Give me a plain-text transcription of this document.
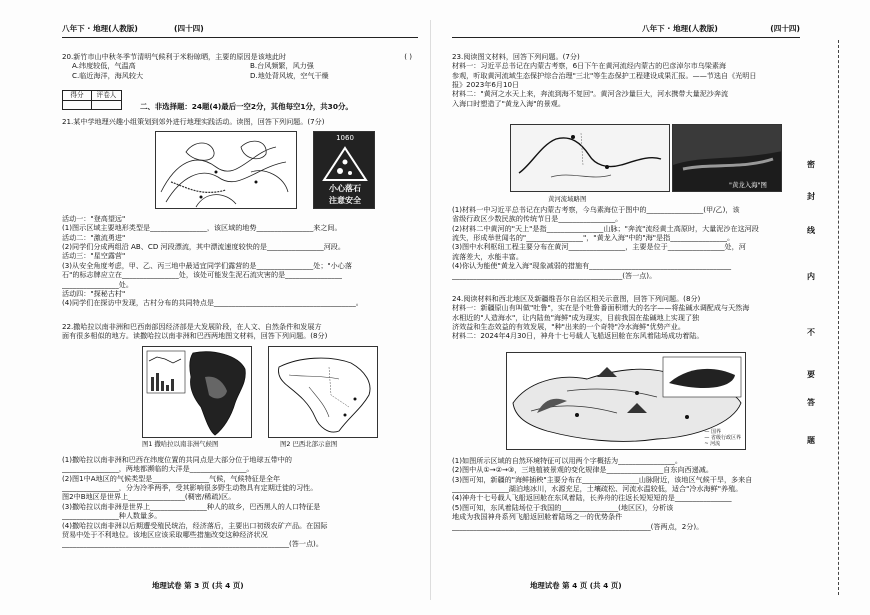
八年下 · 地理(人教版)	(四十四)
20.新竹市山中秋冬季节清明气候利于米粉晾晒，主要的原因是该地此时	( )
A.纬度较低，气温高	B.台风频繁，风力强
C.临近海洋，海风较大	D.地处背风坡，空气干燥
得分	评卷人
二、非选择题：24题(4)最后一空2分，其他每空1分，共30分。
21.某中学地理兴趣小组策划到郊外进行地理实践活动。读图，回答下列问题。(7分)
1060
小心落石
注意安全
活动一："登高望远"
(1)图示区域主要地形类型是________________，该区域的地势________________来之间。
活动二："激流勇进"
(2)同学们分成两组沿 AB、CD 河段漂流，其中漂流速度较快的是________________河段。
活动三："星空露营"
(3)从安全角度考虑，甲、乙、丙三地中最适宜同学们露营的是________________处；"小心落
石"的标志牌应立在________________处，该处可能发生泥石流灾害的是________________
________________处。
活动四："探秘古村"
(4)同学们在探访中发现，古村分布的共同特点是________________________________________。
22.撒哈拉以南非洲和巴西南部因经济部是大发展阶段，在人文、自然条件和发展方
面有很多相似的地方。读撒哈拉以南非洲和巴西两地图文材料，回答下列问题。(8分)
图1 撒哈拉以南非洲气候图	图2 巴西北部示意图
(1)撒哈拉以南非洲和巴西在纬度位置的共同点是大部分位于地球五带中的
________________，两地都濒临的大洋是________________。
(2)图1中A地区的气候类型是________________气候，气候特征是全年
________________，分为冷季两季，受其影响很多野生动物具有定期迁徙的习性。
图2中B地区是世界上________________(稠密/稀疏)区。
(3)撒哈拉以南非洲是世界上________________种人的故乡，巴西黑人的人口特征是
________________种人数量多。
(4)撒哈拉以南非洲以后期遭受殖民统治，经济落后，主要出口初级农矿产品。在国际
贸易中处于不利地位。该地区应该采取哪些措施改变这种经济状况
________________________________________________________________(答一点)。
地理试卷 第 3 页 (共 4 页)
八年下 · 地理(人教版)	(四十四)
23.阅读图文材料，回答下列问题。(7分)
材料一：习近平总书记在内蒙古考察，6日下午在黄河流经内蒙古的巴彦淖尔市乌梁素海
参观，听取黄河流域生态保护综合治理"三北"等生态保护工程建设成果汇报。——节选自《光明日
报》2023年6月10日
材料二："黄河之水天上来，奔流到海不复回"。黄河含沙量巨大，河水携带大量泥沙奔流
入海口时塑造了"黄龙入海"的景观。
黄河流域略图
"黄龙入海"图
(1)材料一中习近平总书记在内蒙古考察，今乌素海位于图中的________________(甲/乙)，该
省级行政区少数民族的传统节日是________________。
(2)材料二中黄河的"天上"是指________________山脉；"奔流"流经黄土高原时，大量泥沙在这河段
流失，形成举世闻名的"________________"，"黄龙入海"中的"海"是指________________。
(3)图中水利枢纽工程主要分布在黄河________________，主要是位于________________处，河
流落差大，水能丰富。
(4)你认为能使"黄龙入海"现象减弱的措施有________________________________________
________________________________________________(答一点)。
24.阅读材料和西北地区及新疆维吾尔自治区相关示意图，回答下列问题。(8分)
材料一：新疆原山有叫做"吐鲁"，实在是个吐鲁番面积增大的名字——将盐碱水调配成与天然海
水相近的"人造海水"，让内陆鱼"海鲜"成为现实，目前我国在盐碱地上实现了独
济效益和生态效益的有效发展，"种"出来的一个奇特"冷水海鲜"优势产业。
材料二：2024年4月30日，神舟十七号载人飞船返回舱在东风着陆场成功着陆。
— 国界
— 省级行政区界
~ 河流
(1)如图所示区域的自然环境特征可以用两个字概括为________________。
(2)图中从①→②→③，三地植被景观的变化规律是________________自东向西递减。
(3)图可知，新疆的"海鲜插秧"主要分布在________________山脉附近，该地区气候干旱，多来自
________________湖泊地冰川，水源充足，土壤疏松、河流水温较低，适合"冷水海鲜"养殖。
(4)神舟十七号载人飞船返回舱在东风着陆，长养舟的往返长短短短的是________________
(5)图可知，东风着陆场位于我国的________________(地区区)，分析该
地成为我国神舟系列飞船返回舱着陆场之一的优势条件
________________________________________________________(答两点，2分)。
地理试卷 第 4 页 (共 4 页)
密
封
线
内
不
要
答
题
